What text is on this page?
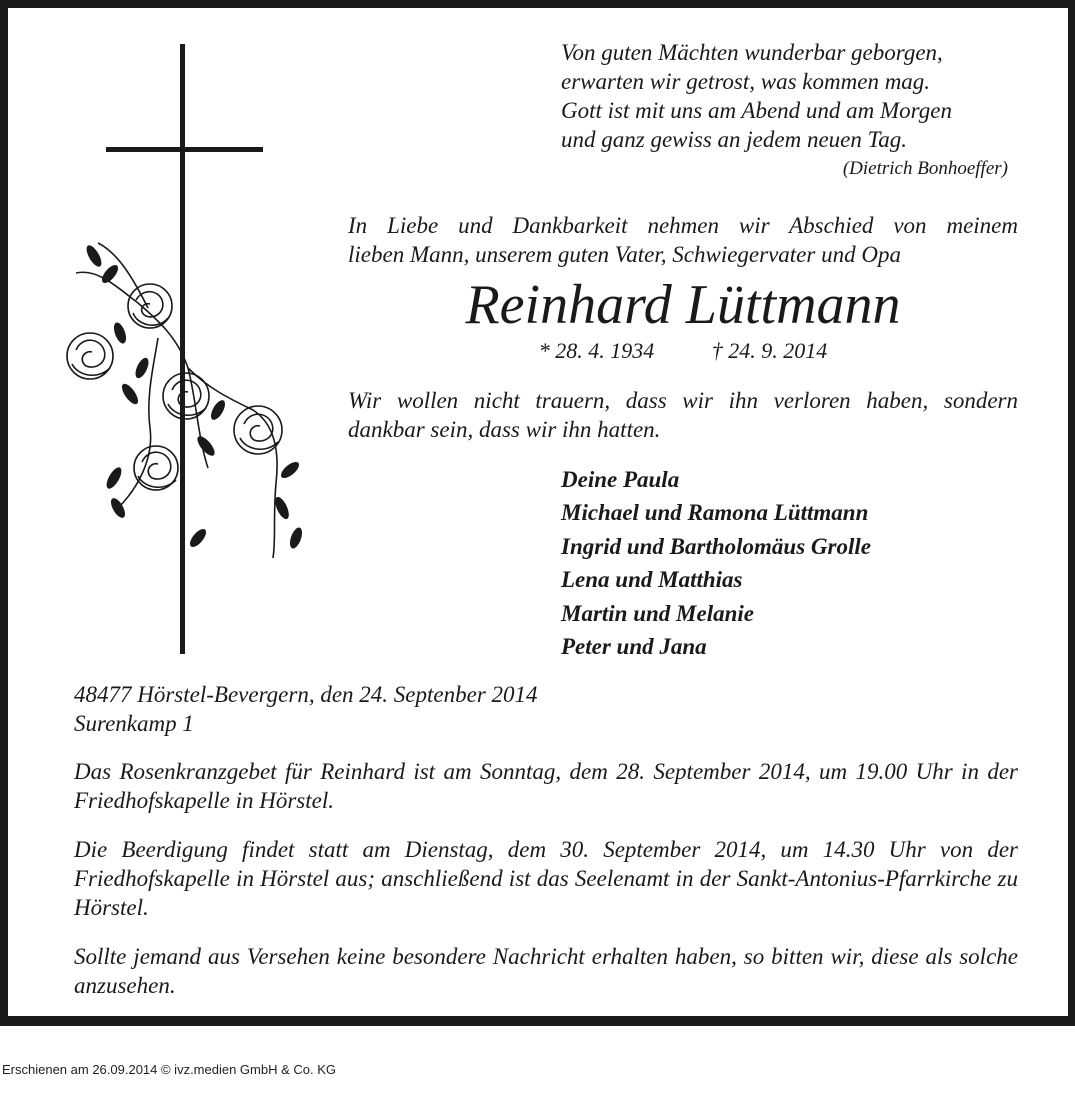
Von guten Mächten wunderbar geborgen,
erwarten wir getrost, was kommen mag.
Gott ist mit uns am Abend und am Morgen
und ganz gewiss an jedem neuen Tag.
(Dietrich Bonhoeffer)
In Liebe und Dankbarkeit nehmen wir Abschied von meinem
lieben Mann, unserem guten Vater, Schwiegervater und Opa
Reinhard Lüttmann
* 28. 4. 1934	† 24. 9. 2014
Wir wollen nicht trauern, dass wir ihn verloren haben, sondern
dankbar sein, dass wir ihn hatten.
Deine Paula
Michael und Ramona Lüttmann
Ingrid und Bartholomäus Grolle
Lena und Matthias
Martin und Melanie
Peter und Jana
48477 Hörstel-Bevergern, den 24. Septenber 2014
Surenkamp 1
Das Rosenkranzgebet für Reinhard ist am Sonntag, dem 28. September 2014, um 19.00 Uhr in der Friedhofskapelle in Hörstel.
Die Beerdigung findet statt am Dienstag, dem 30. September 2014, um 14.30 Uhr von der Friedhofskapelle in Hörstel aus; anschließend ist das Seelenamt in der Sankt-Antonius-Pfarrkirche zu Hörstel.
Sollte jemand aus Versehen keine besondere Nachricht erhalten haben, so bitten wir, diese als solche anzusehen.
Erschienen am 26.09.2014 © ivz.medien GmbH & Co. KG
